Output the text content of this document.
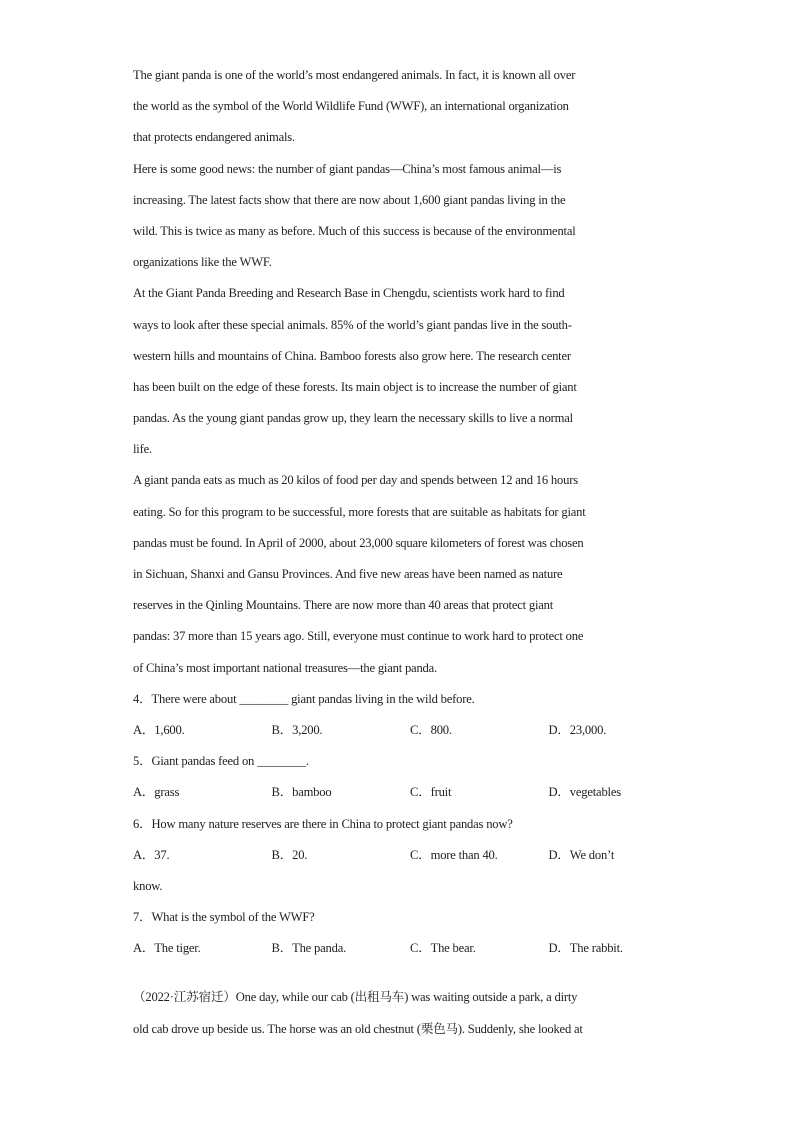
The giant panda is one of the world’s most endangered animals. In fact, it is known all over
the world as the symbol of the World Wildlife Fund (WWF), an international organization
that protects endangered animals.

Here is some good news: the number of giant pandas—China’s most famous animal—is
increasing. The latest facts show that there are now about 1,600 giant pandas living in the
wild. This is twice as many as before. Much of this success is because of the environmental
organizations like the WWF.

At the Giant Panda Breeding and Research Base in Chengdu, scientists work hard to find
ways to look after these special animals. 85% of the world’s giant pandas live in the south-
western hills and mountains of China. Bamboo forests also grow here. The research center
has been built on the edge of these forests. Its main object is to increase the number of giant
pandas. As the young giant pandas grow up, they learn the necessary skills to live a normal
life.

A giant panda eats as much as 20 kilos of food per day and spends between 12 and 16 hours
eating. So for this program to be successful, more forests that are suitable as habitats for giant
pandas must be found. In April of 2000, about 23,000 square kilometers of forest was chosen
in Sichuan, Shanxi and Gansu Provinces. And five new areas have been named as nature
reserves in the Qinling Mountains. There are now more than 40 areas that protect giant
pandas: 37 more than 15 years ago. Still, everyone must continue to work hard to protect one
of China’s most important national treasures—the giant panda.

4．There were about ________ giant pandas living in the wild before.
A．1,600.	B．3,200.	C．800.	D．23,000.
5．Giant pandas feed on ________.
A．grass	B．bamboo	C．fruit	D．vegetables
6．How many nature reserves are there in China to protect giant pandas now?
A．37.	B．20.	C．more than 40.	D．We don’t
know.
7．What is the symbol of the WWF?
A．The tiger.	B．The panda.	C．The bear.	D．The rabbit.
（2022·江苏宿迁）One day, while our cab (出租马车) was waiting outside a park, a dirty
old cab drove up beside us. The horse was an old chestnut (栗色马). Suddenly, she looked at
